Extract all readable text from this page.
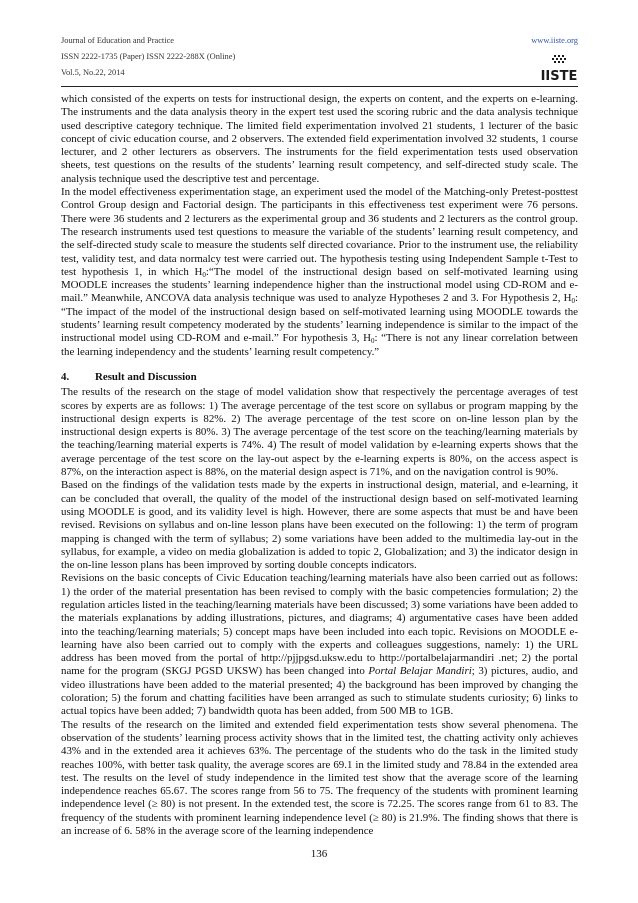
Journal of Education and Practice
ISSN 2222-1735 (Paper) ISSN 2222-288X (Online)
Vol.5, No.22, 2014
www.iiste.org
IISTE

which consisted of the experts on tests for instructional design, the experts on content, and the experts on e-learning. The instruments and the data analysis theory in the expert test used the scoring rubric and the data analysis technique used descriptive category technique. The limited field experimentation involved 21 students, 1 lecturer of the basic concept of civic education course, and 2 observers. The extended field experimentation involved 32 students, 1 course lecturer, and 2 other lecturers as observers. The instruments for the field experimentation tests used observation sheets, test questions on the results of the students’ learning result competency, and self-directed study scale. The analysis technique used the descriptive test and percentage.

In the model effectiveness experimentation stage, an experiment used the model of the Matching-only Pretest-posttest Control Group design and Factorial design. The participants in this effectiveness test experiment were 76 persons. There were 36 students and 2 lecturers as the experimental group and 36 students and 2 lecturers as the control group. The research instruments used test questions to measure the variable of the students’ learning result competency, and the self-directed study scale to measure the students self directed covariance. Prior to the instrument use, the reliability test, validity test, and data normalcy test were carried out. The hypothesis testing using Independent Sample t-Test to test hypothesis 1, in which $H_0:“The$ model of the instructional design based on self-motivated learning using MOODLE increases the students’ learning independence higher than the instructional model using CD-ROM and e-mail.” Meanwhile, ANCOVA data analysis technique was used to analyze Hypotheses 2 and 3. For Hypothesis 2, $H_0$: “The impact of the model of the instructional design based on self-motivated learning using MOODLE towards the students’ learning result competency moderated by the students’ learning independence is similar to the impact of the instructional model using CD-ROM and e-mail.” For hypothesis 3, $H_0$: “There is not any linear correlation between the learning independency and the students’ learning result competency.”

4. Result and Discussion

The results of the research on the stage of model validation show that respectively the percentage averages of test scores by experts are as follows: 1) The average percentage of the test score on syllabus or program mapping by the instructional design experts is 82%. 2) The average percentage of the test score on on-line lesson plan by the instructional design experts is 80%. 3) The average percentage of the test score on the teaching/learning materials by the teaching/learning material experts is 74%. 4) The result of model validation by e-learning experts shows that the average percentage of the test score on the lay-out aspect by the e-learning experts is 80%, on the access aspect is 87%, on the interaction aspect is 88%, on the material design aspect is 71%, and on the navigation control is 90%.

Based on the findings of the validation tests made by the experts in instructional design, material, and e-learning, it can be concluded that overall, the quality of the model of the instructional design based on self-motivated learning using MOODLE is good, and its validity level is high. However, there are some aspects that must be and have been revised. Revisions on syllabus and on-line lesson plans have been executed on the following: 1) the term of program mapping is changed with the term of syllabus; 2) some variations have been added to the multimedia lay-out in the syllabus, for example, a video on media globalization is added to topic 2, Globalization; and 3) the indicator design in the on-line lesson plans has been improved by sorting double concepts indicators.

Revisions on the basic concepts of Civic Education teaching/learning materials have also been carried out as follows: 1) the order of the material presentation has been revised to comply with the basic competencies formulation; 2) the regulation articles listed in the teaching/learning materials have been discussed; 3) some variations have been added to the materials explanations by adding illustrations, pictures, and diagrams; 4) argumentative cases have been added into the teaching/learning materials; 5) concept maps have been included into each topic. Revisions on MOODLE e-learning have also been carried out to comply with the experts and colleagues suggestions, namely: 1) the URL address has been moved from the portal of http://pjjpgsd.uksw.edu to http://portalbelajarmandiri .net; 2) the portal name for the program (SKGJ PGSD UKSW) has been changed into Portal Belajar Mandiri; 3) pictures, audio, and video illustrations have been added to the material presented; 4) the background has been improved by changing the coloration; 5) the forum and chatting facilities have been arranged as such to stimulate students curiosity; 6) links to actual topics have been added; 7) bandwidth quota has been added, from 500 MB to 1GB.

The results of the research on the limited and extended field experimentation tests show several phenomena. The observation of the students’ learning process activity shows that in the limited test, the chatting activity only achieves 43% and in the extended area it achieves 63%. The percentage of the students who do the task in the limited study reaches 100%, with better task quality, the average scores are 69.1 in the limited study and 78.84 in the extended area test. The results on the level of study independence in the limited test show that the average score of the learning independence reaches 65.67. The scores range from 56 to 75. The frequency of the students with prominent learning independence level (≥ 80) is not present. In the extended test, the score is 72.25. The scores range from 61 to 83. The frequency of the students with prominent learning independence level (≥ 80) is 21.9%. The finding shows that there is an increase of 6. 58% in the average score of the learning independence

136
